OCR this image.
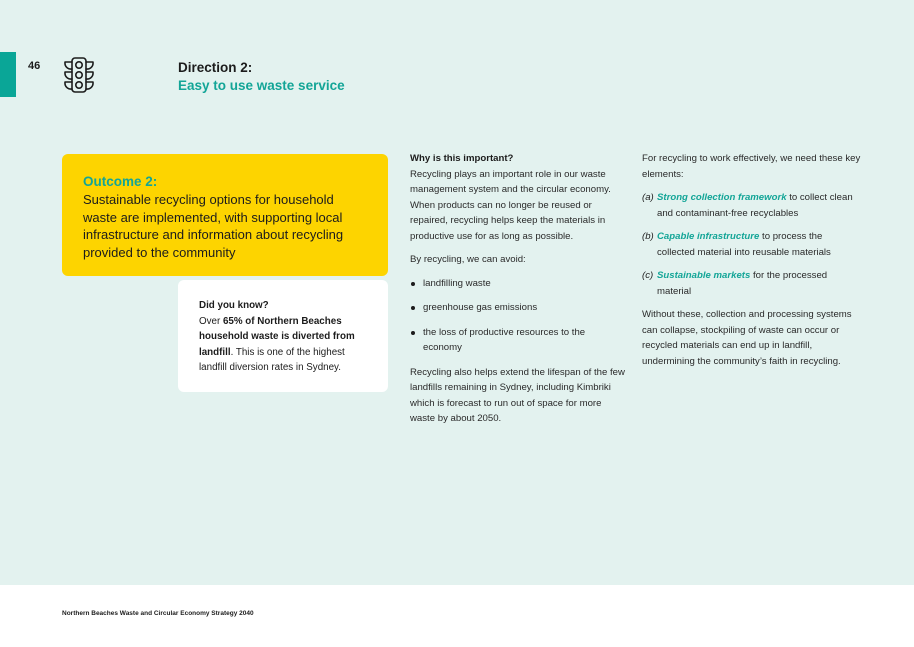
46	Direction 2:
Easy to use waste service
Outcome 2:
Sustainable recycling options for household waste are implemented, with supporting local infrastructure and information about recycling provided to the community
Did you know?
Over 65% of Northern Beaches household waste is diverted from landfill. This is one of the highest landfill diversion rates in Sydney.
Why is this important?

Recycling plays an important role in our waste management system and the circular economy. When products can no longer be reused or repaired, recycling helps keep the materials in productive use for as long as possible.

By recycling, we can avoid:

landfilling waste
greenhouse gas emissions
the loss of productive resources to the economy

Recycling also helps extend the lifespan of the few landfills remaining in Sydney, including Kimbriki which is forecast to run out of space for more waste by about 2050.

For recycling to work effectively, we need these key elements:

(a) Strong collection framework to collect clean and contaminant-free recyclables
(b) Capable infrastructure to process the collected material into reusable materials
(c) Sustainable markets for the processed material

Without these, collection and processing systems can collapse, stockpiling of waste can occur or recycled materials can end up in landfill, undermining the community’s faith in recycling.

Northern Beaches Waste and Circular Economy Strategy 2040
